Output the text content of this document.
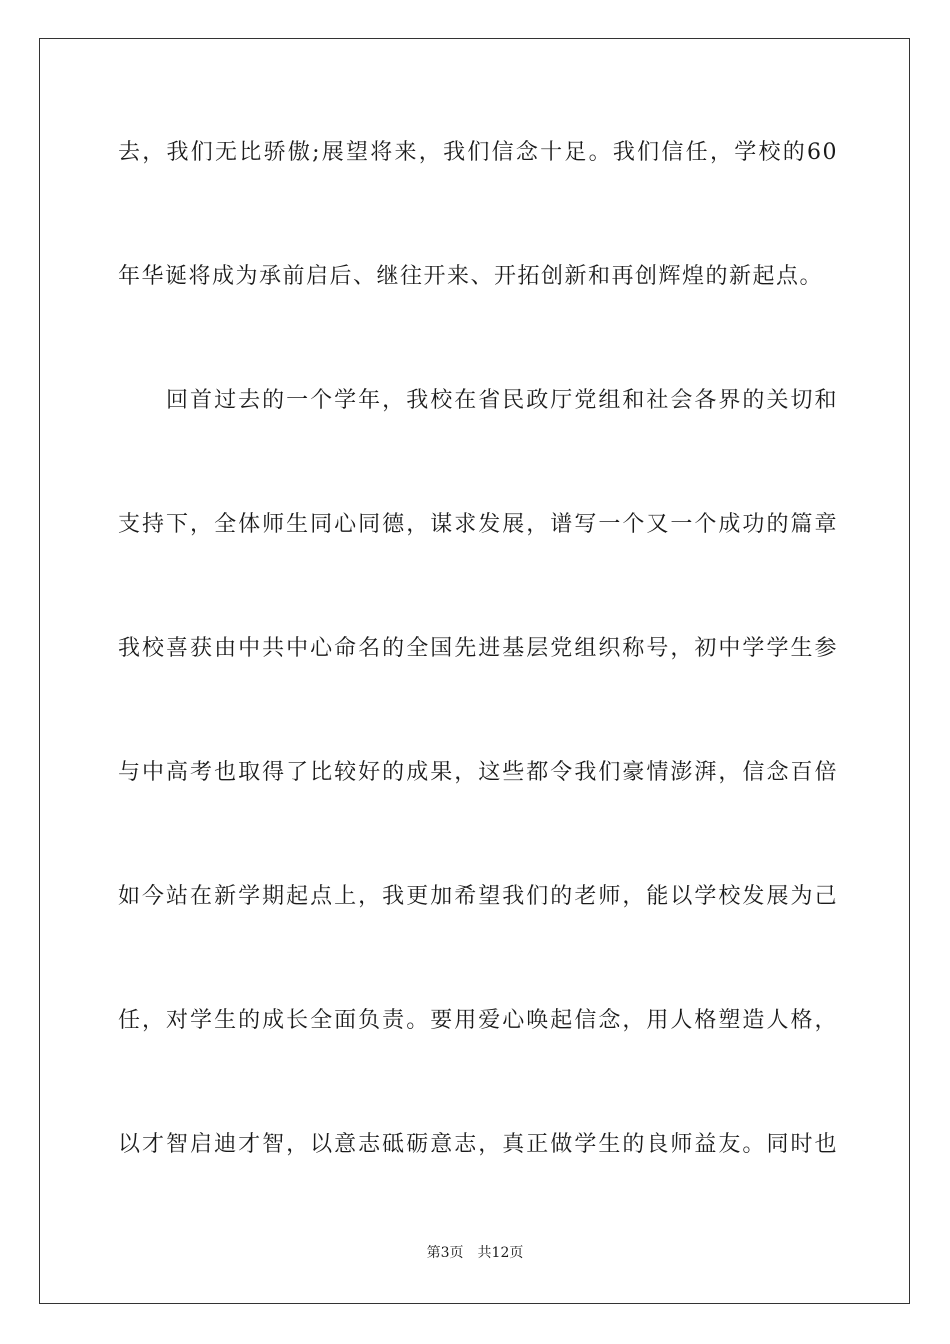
去，我们无比骄傲;展望将来，我们信念十足。我们信任，学校的60
年华诞将成为承前启后、继往开来、开拓创新和再创辉煌的新起点。
　　回首过去的一个学年，我校在省民政厅党组和社会各界的关切和
支持下，全体师生同心同德，谋求发展，谱写一个又一个成功的篇章
我校喜获由中共中心命名的全国先进基层党组织称号，初中学学生参
与中高考也取得了比较好的成果，这些都令我们豪情澎湃，信念百倍
如今站在新学期起点上，我更加希望我们的老师，能以学校发展为己
任，对学生的成长全面负责。要用爱心唤起信念，用人格塑造人格，
以才智启迪才智，以意志砥砺意志，真正做学生的良师益友。同时也
第3页 共12页
